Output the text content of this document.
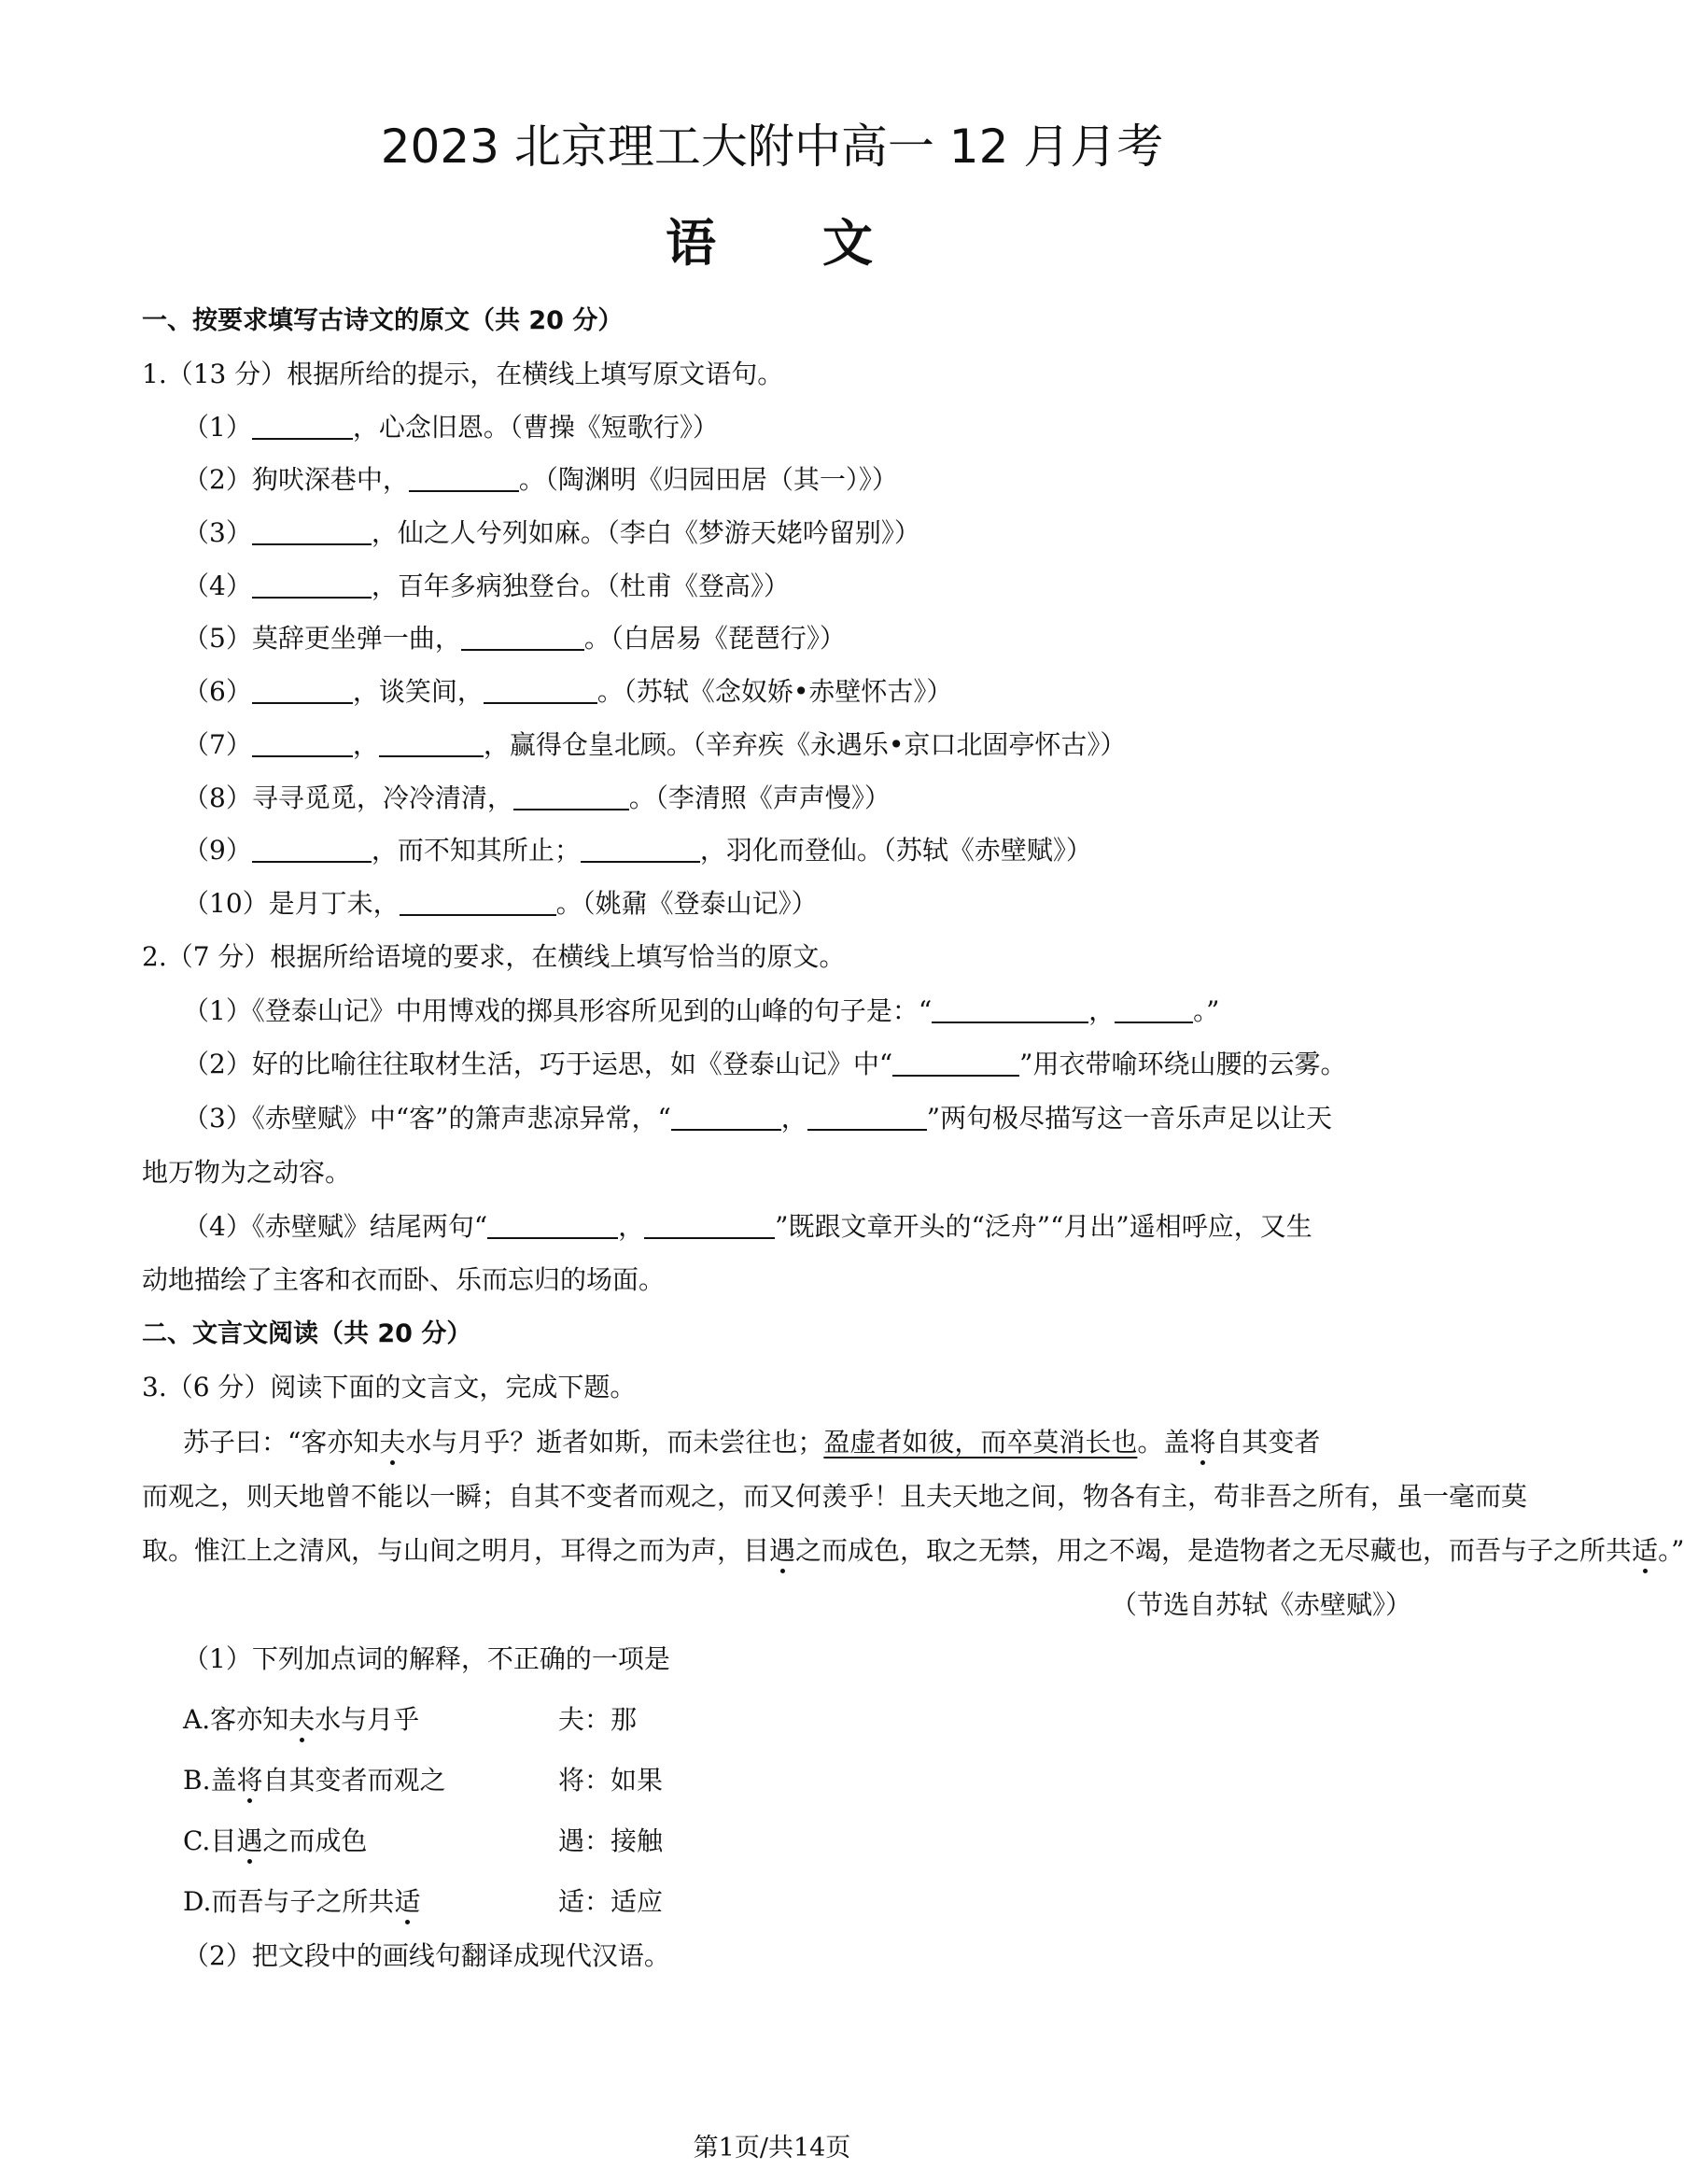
2023 北京理工大附中高一 12 月月考
语 文
一、按要求填写古诗文的原文（共 20 分）
1.（13 分）根据所给的提示，在横线上填写原文语句。
（1）	，心念旧恩。（曹操《短歌行》）
（2）狗吠深巷中，	。（陶渊明《归园田居（其一）》）
（3）	，仙之人兮列如麻。（李白《梦游天姥吟留别》）
（4）	，百年多病独登台。（杜甫《登高》）
（5）莫辞更坐弹一曲，	。（白居易《琵琶行》）
（6）	，谈笑间，	。（苏轼《念奴娇•赤壁怀古》）
（7）	，	，赢得仓皇北顾。（辛弃疾《永遇乐•京口北固亭怀古》）
（8）寻寻觅觅，冷冷清清，	。（李清照《声声慢》）
（9）	，而不知其所止；	，羽化而登仙。（苏轼《赤壁赋》）
（10）是月丁未，	。（姚鼐《登泰山记》）
2.（7 分）根据所给语境的要求，在横线上填写恰当的原文。
（1）《登泰山记》中用博戏的掷具形容所见到的山峰的句子是：“	，	。”
（2）好的比喻往往取材生活，巧于运思，如《登泰山记》中“	”用衣带喻环绕山腰的云雾。
（3）《赤壁赋》中“客”的箫声悲凉异常，“	，	”两句极尽描写这一音乐声足以让天
地万物为之动容。
（4）《赤壁赋》结尾两句“	，	”既跟文章开头的“泛舟”“月出”遥相呼应，又生
动地描绘了主客和衣而卧、乐而忘归的场面。
二、文言文阅读（共 20 分）
3.（6 分）阅读下面的文言文，完成下题。
苏子曰：“客亦知夫水与月乎？逝者如斯，而未尝往也；盈虚者如彼，而卒莫消长也。盖将自其变者
而观之，则天地曾不能以一瞬；自其不变者而观之，而又何羡乎！且夫天地之间，物各有主，苟非吾之所有，虽一毫而莫
取。惟江上之清风，与山间之明月，耳得之而为声，目遇之而成色，取之无禁，用之不竭，是造物者之无尽藏也，而吾与子之所共适。”
（节选自苏轼《赤壁赋》）
（1）下列加点词的解释，不正确的一项是
A.客亦知夫水与月乎	夫：那
B.盖将自其变者而观之	将：如果
C.目遇之而成色	遇：接触
D.而吾与子之所共适	适：适应
（2）把文段中的画线句翻译成现代汉语。
第1页/共14页
